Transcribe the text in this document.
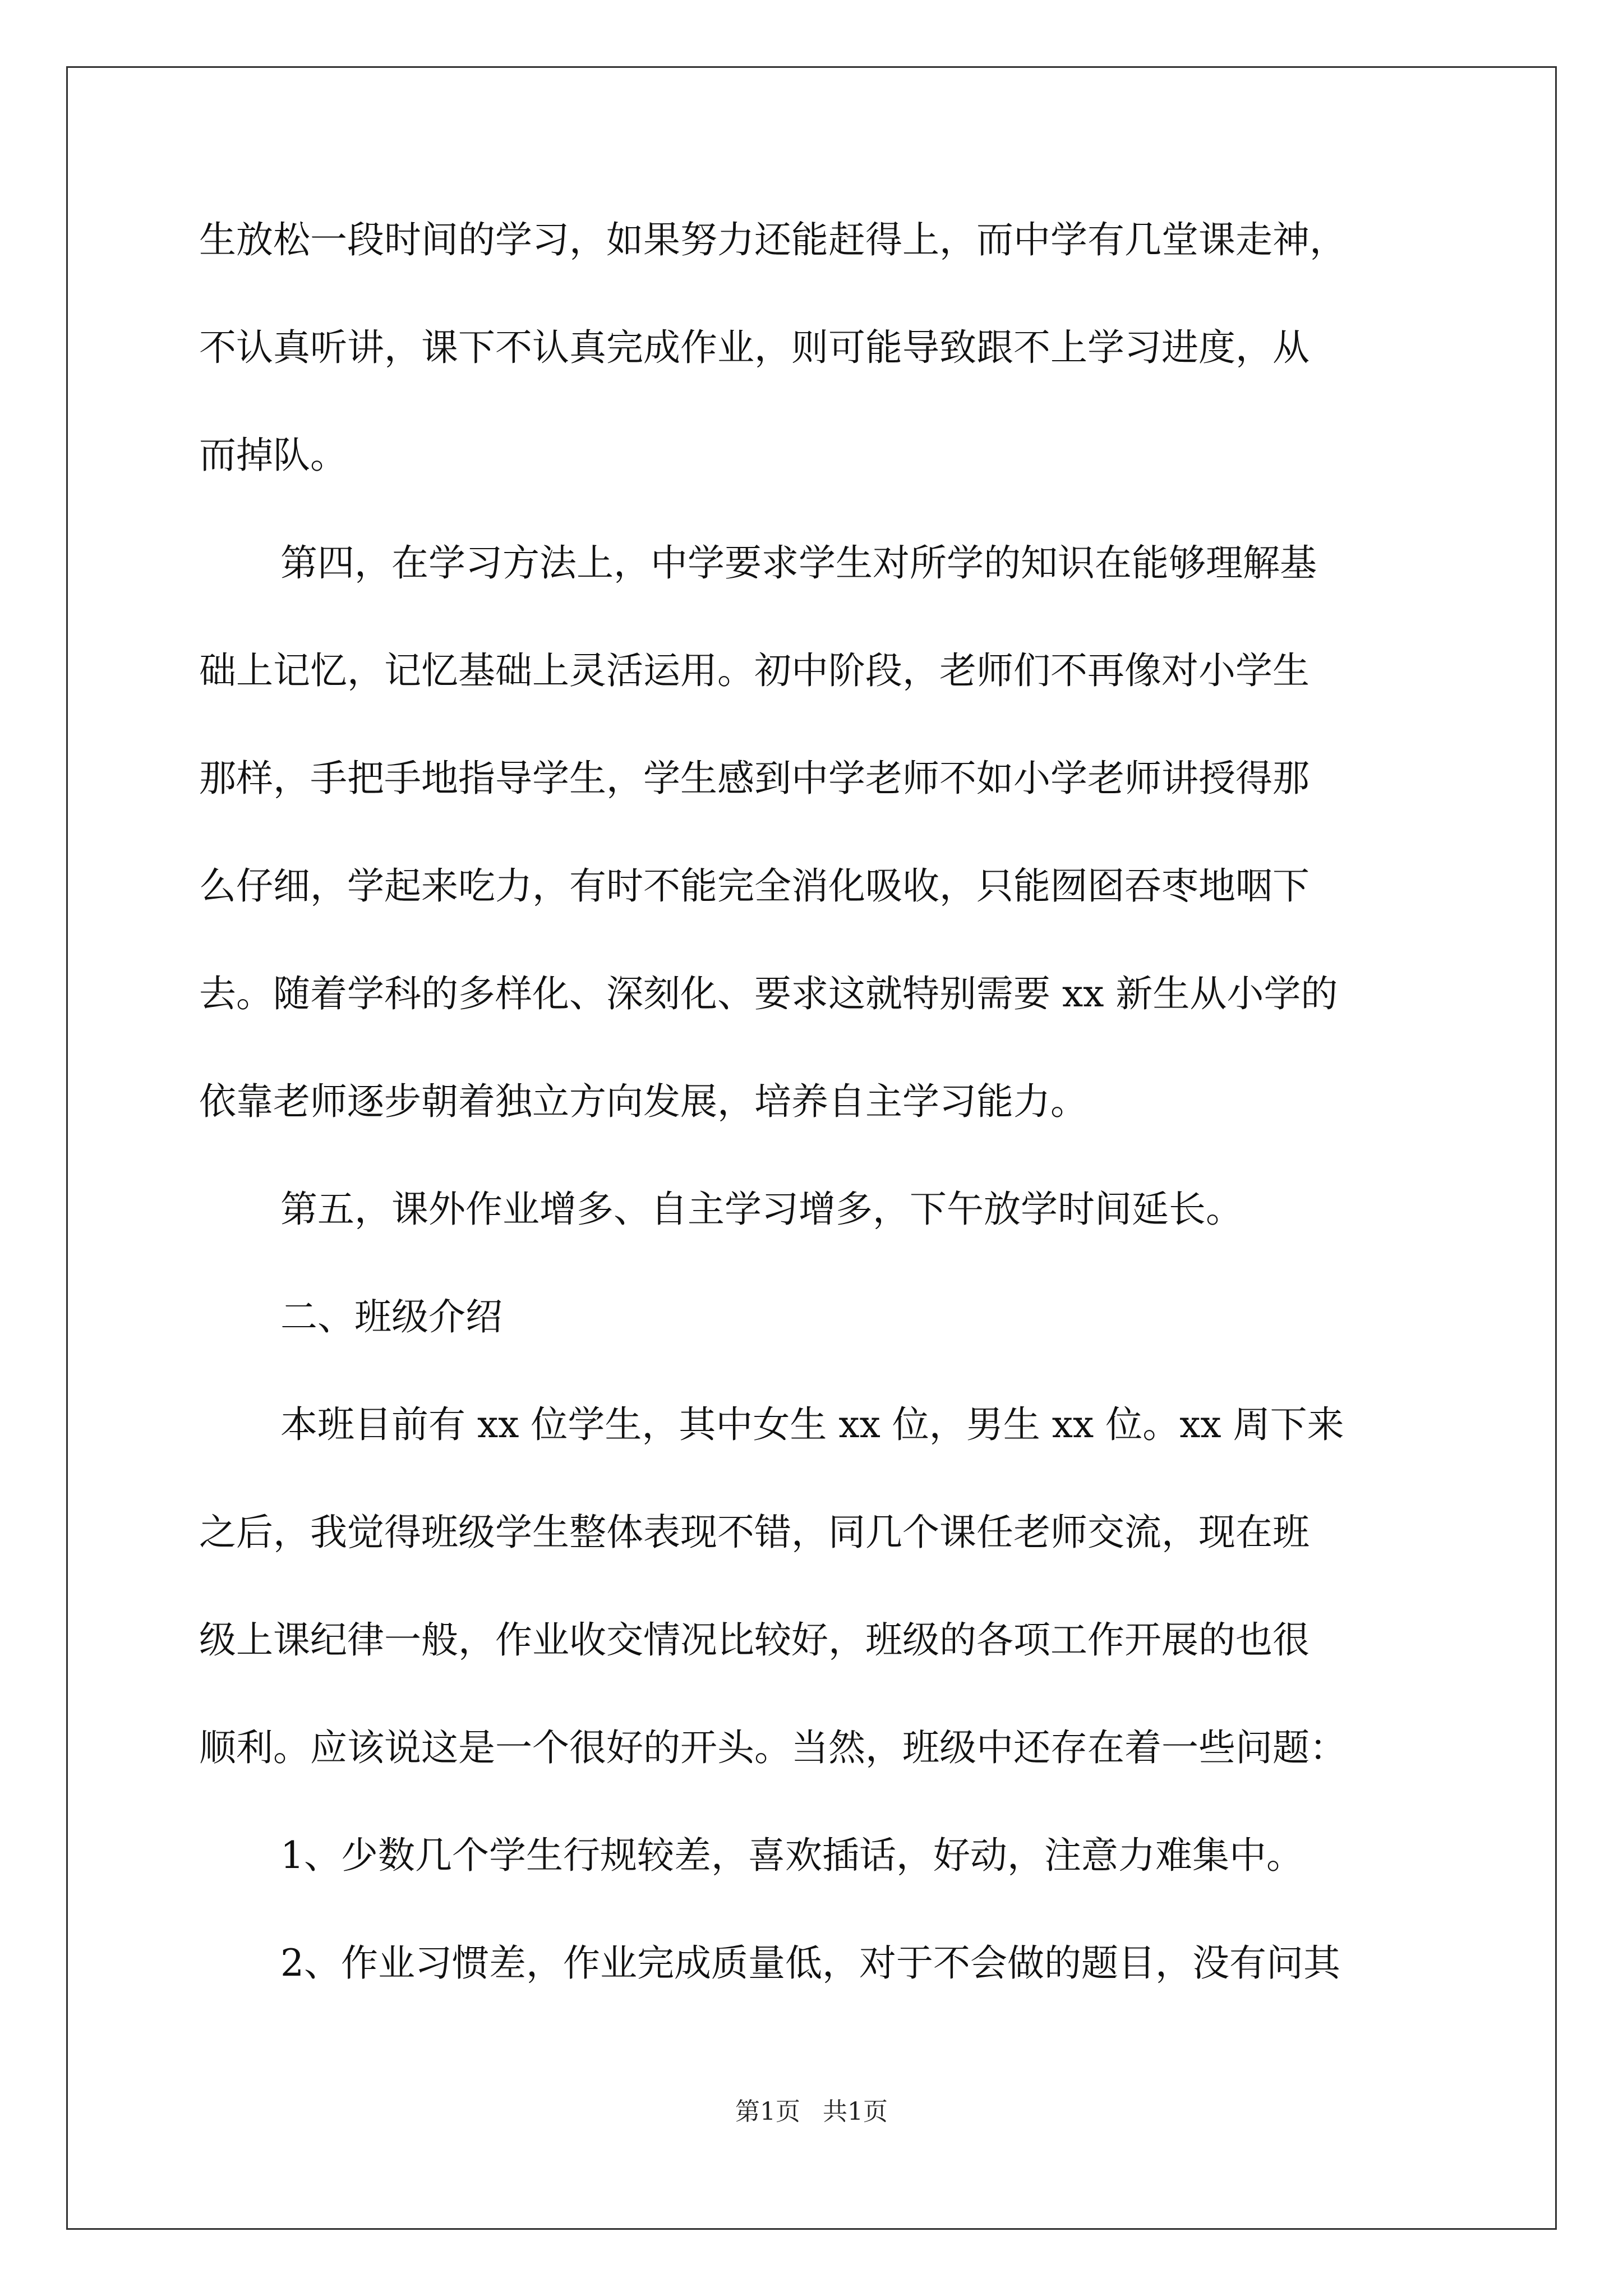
生放松一段时间的学习，如果努力还能赶得上，而中学有几堂课走神，
不认真听讲，课下不认真完成作业，则可能导致跟不上学习进度，从
而掉队。
第四，在学习方法上，中学要求学生对所学的知识在能够理解基
础上记忆，记忆基础上灵活运用。初中阶段，老师们不再像对小学生
那样，手把手地指导学生，学生感到中学老师不如小学老师讲授得那
么仔细，学起来吃力，有时不能完全消化吸收，只能囫囵吞枣地咽下
去。随着学科的多样化、深刻化、要求这就特别需要 xx 新生从小学的
依靠老师逐步朝着独立方向发展，培养自主学习能力。
第五，课外作业增多、自主学习增多，下午放学时间延长。
二、班级介绍
本班目前有 xx 位学生，其中女生 xx 位，男生 xx 位。xx 周下来
之后，我觉得班级学生整体表现不错，同几个课任老师交流，现在班
级上课纪律一般，作业收交情况比较好，班级的各项工作开展的也很
顺利。应该说这是一个很好的开头。当然，班级中还存在着一些问题：
1、少数几个学生行规较差，喜欢插话，好动，注意力难集中。
2、作业习惯差，作业完成质量低，对于不会做的题目，没有问其
第1页 共1页
